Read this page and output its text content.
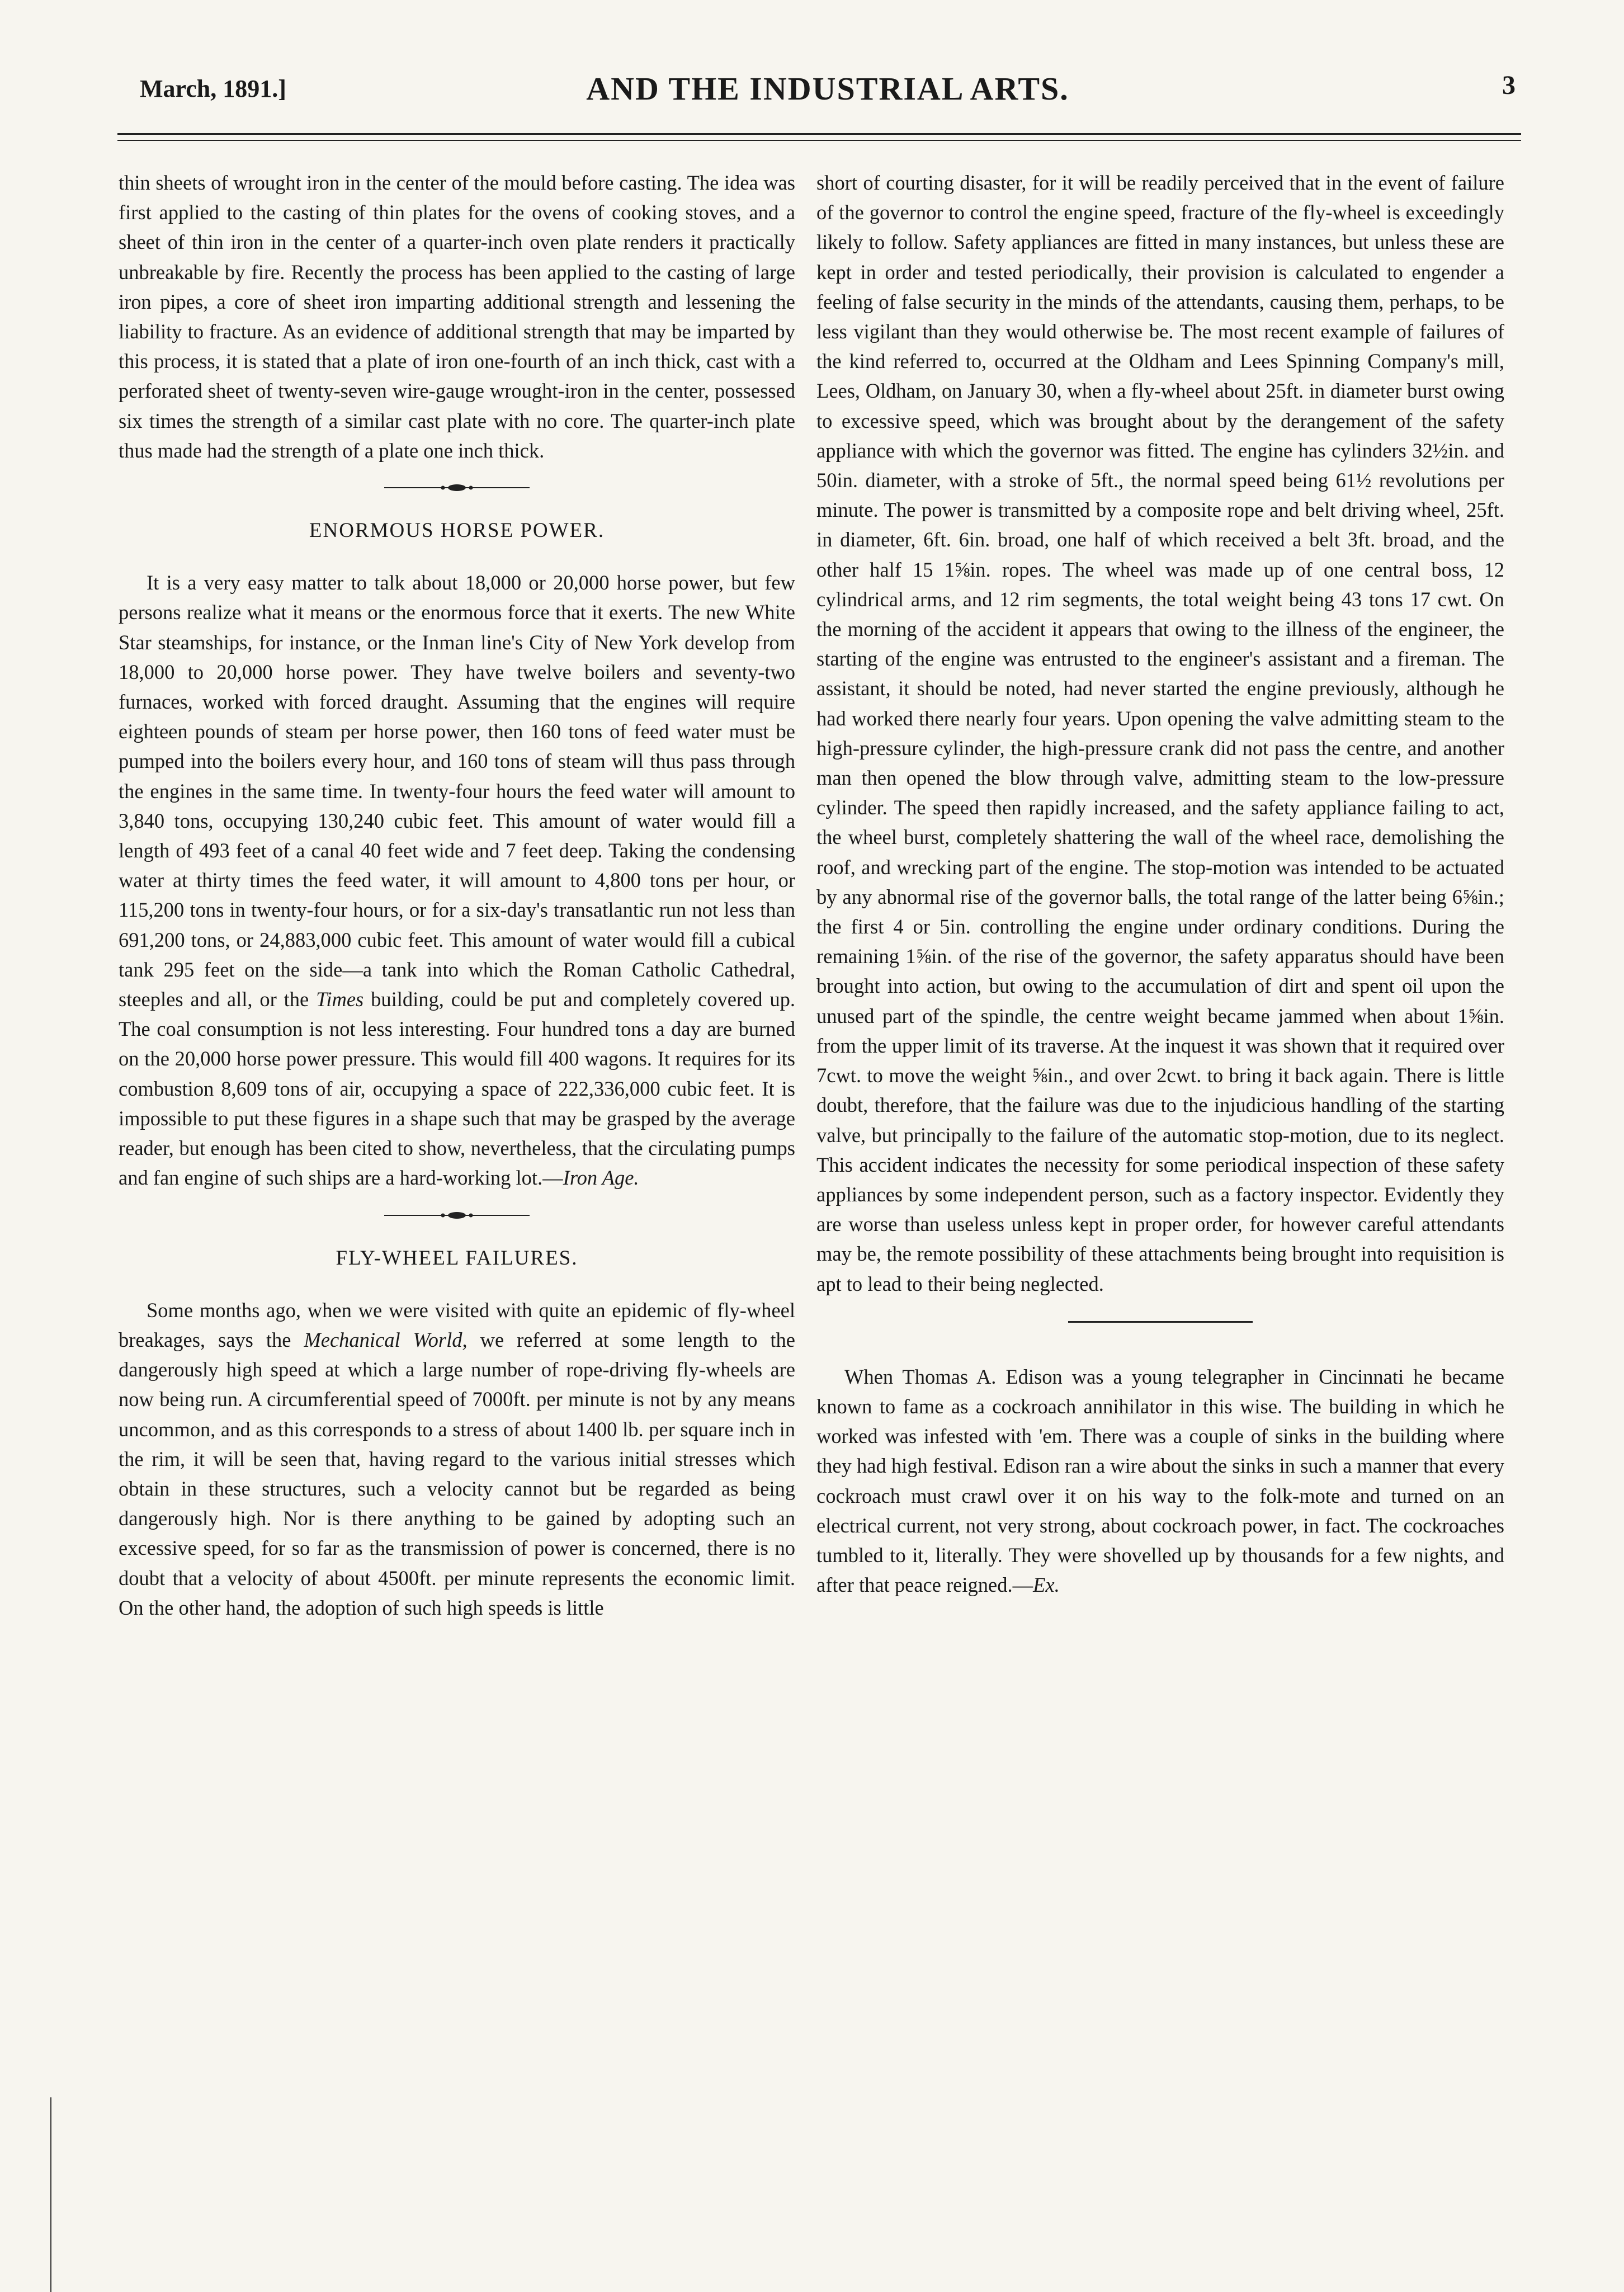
March, 1891.]	AND THE INDUSTRIAL ARTS.	3

thin sheets of wrought iron in the center of the mould before casting. The idea was first applied to the casting of thin plates for the ovens of cooking stoves, and a sheet of thin iron in the center of a quarter-inch oven plate renders it practically unbreakable by fire. Recently the process has been applied to the casting of large iron pipes, a core of sheet iron imparting additional strength and lessening the liability to fracture. As an evidence of additional strength that may be imparted by this process, it is stated that a plate of iron one-fourth of an inch thick, cast with a perforated sheet of twenty-seven wire-gauge wrought-iron in the center, possessed six times the strength of a similar cast plate with no core. The quarter-inch plate thus made had the strength of a plate one inch thick.

ENORMOUS HORSE POWER.

It is a very easy matter to talk about 18,000 or 20,000 horse power, but few persons realize what it means or the enormous force that it exerts. The new White Star steamships, for instance, or the Inman line's City of New York develop from 18,000 to 20,000 horse power. They have twelve boilers and seventy-two furnaces, worked with forced draught. Assuming that the engines will require eighteen pounds of steam per horse power, then 160 tons of feed water must be pumped into the boilers every hour, and 160 tons of steam will thus pass through the engines in the same time. In twenty-four hours the feed water will amount to 3,840 tons, occupying 130,240 cubic feet. This amount of water would fill a length of 493 feet of a canal 40 feet wide and 7 feet deep. Taking the condensing water at thirty times the feed water, it will amount to 4,800 tons per hour, or 115,200 tons in twenty-four hours, or for a six-day's transatlantic run not less than 691,200 tons, or 24,883,000 cubic feet. This amount of water would fill a cubical tank 295 feet on the side—a tank into which the Roman Catholic Cathedral, steeples and all, or the Times building, could be put and completely covered up. The coal consumption is not less interesting. Four hundred tons a day are burned on the 20,000 horse power pressure. This would fill 400 wagons. It requires for its combustion 8,609 tons of air, occupying a space of 222,336,000 cubic feet. It is impossible to put these figures in a shape such that may be grasped by the average reader, but enough has been cited to show, nevertheless, that the circulating pumps and fan engine of such ships are a hard-working lot.—Iron Age.

FLY-WHEEL FAILURES.

Some months ago, when we were visited with quite an epidemic of fly-wheel breakages, says the Mechanical World, we referred at some length to the dangerously high speed at which a large number of rope-driving fly-wheels are now being run. A circumferential speed of 7000ft. per minute is not by any means uncommon, and as this corresponds to a stress of about 1400 lb. per square inch in the rim, it will be seen that, having regard to the various initial stresses which obtain in these structures, such a velocity cannot but be regarded as being dangerously high. Nor is there anything to be gained by adopting such an excessive speed, for so far as the transmission of power is concerned, there is no doubt that a velocity of about 4500ft. per minute represents the economic limit. On the other hand, the adoption of such high speeds is little

short of courting disaster, for it will be readily perceived that in the event of failure of the governor to control the engine speed, fracture of the fly-wheel is exceedingly likely to follow. Safety appliances are fitted in many instances, but unless these are kept in order and tested periodically, their provision is calculated to engender a feeling of false security in the minds of the attendants, causing them, perhaps, to be less vigilant than they would otherwise be. The most recent example of failures of the kind referred to, occurred at the Oldham and Lees Spinning Company's mill, Lees, Oldham, on January 30, when a fly-wheel about 25ft. in diameter burst owing to excessive speed, which was brought about by the derangement of the safety appliance with which the governor was fitted. The engine has cylinders 32½in. and 50in. diameter, with a stroke of 5ft., the normal speed being 61½ revolutions per minute. The power is transmitted by a composite rope and belt driving wheel, 25ft. in diameter, 6ft. 6in. broad, one half of which received a belt 3ft. broad, and the other half 15 1⅝in. ropes. The wheel was made up of one central boss, 12 cylindrical arms, and 12 rim segments, the total weight being 43 tons 17 cwt. On the morning of the accident it appears that owing to the illness of the engineer, the starting of the engine was entrusted to the engineer's assistant and a fireman. The assistant, it should be noted, had never started the engine previously, although he had worked there nearly four years. Upon opening the valve admitting steam to the high-pressure cylinder, the high-pressure crank did not pass the centre, and another man then opened the blow through valve, admitting steam to the low-pressure cylinder. The speed then rapidly increased, and the safety appliance failing to act, the wheel burst, completely shattering the wall of the wheel race, demolishing the roof, and wrecking part of the engine. The stop-motion was intended to be actuated by any abnormal rise of the governor balls, the total range of the latter being 6⅝in.; the first 4 or 5in. controlling the engine under ordinary conditions. During the remaining 1⅝in. of the rise of the governor, the safety apparatus should have been brought into action, but owing to the accumulation of dirt and spent oil upon the unused part of the spindle, the centre weight became jammed when about 1⅝in. from the upper limit of its traverse. At the inquest it was shown that it required over 7cwt. to move the weight ⅝in., and over 2cwt. to bring it back again. There is little doubt, therefore, that the failure was due to the injudicious handling of the starting valve, but principally to the failure of the automatic stop-motion, due to its neglect. This accident indicates the necessity for some periodical inspection of these safety appliances by some independent person, such as a factory inspector. Evidently they are worse than useless unless kept in proper order, for however careful attendants may be, the remote possibility of these attachments being brought into requisition is apt to lead to their being neglected.

When Thomas A. Edison was a young telegrapher in Cincinnati he became known to fame as a cockroach annihilator in this wise. The building in which he worked was infested with 'em. There was a couple of sinks in the building where they had high festival. Edison ran a wire about the sinks in such a manner that every cockroach must crawl over it on his way to the folk-mote and turned on an electrical current, not very strong, about cockroach power, in fact. The cockroaches tumbled to it, literally. They were shovelled up by thousands for a few nights, and after that peace reigned.—Ex.
